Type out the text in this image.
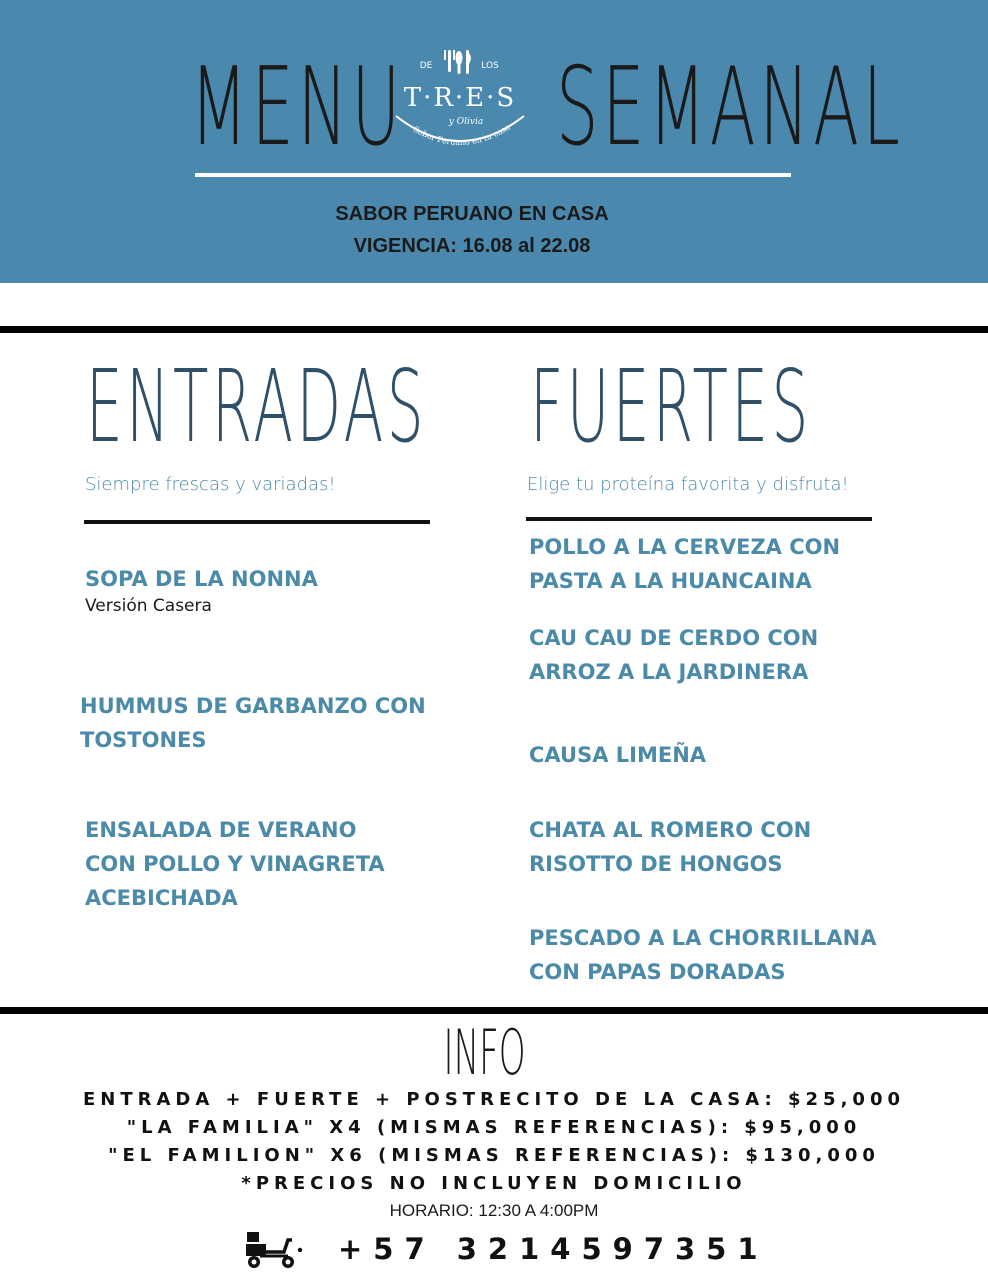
MENU DE	LOS
T·R·E·S
y Olivia
Sabor Peruano en tu casa SEMANAL
SABOR PERUANO EN CASA
VIGENCIA: 16.08 al 22.08
ENTRADAS
Siempre frescas y variadas!
SOPA DE LA NONNA
Versión Casera
HUMMUS DE GARBANZO CON
TOSTONES
ENSALADA DE VERANO
CON POLLO Y VINAGRETA
ACEBICHADA
FUERTES
Elige tu proteína favorita y disfruta!
POLLO A LA CERVEZA CON
PASTA A LA HUANCAINA
CAU CAU DE CERDO CON
ARROZ A LA JARDINERA
CAUSA LIMEÑA
CHATA AL ROMERO CON
RISOTTO DE HONGOS
PESCADO A LA CHORRILLANA
CON PAPAS DORADAS
INFO
ENTRADA + FUERTE + POSTRECITO DE LA CASA: $25,000
"LA FAMILIA" X4 (MISMAS REFERENCIAS): $95,000
"EL FAMILION" X6 (MISMAS REFERENCIAS): $130,000
*PRECIOS NO INCLUYEN DOMICILIO
HORARIO: 12:30 A 4:00PM
+57 3214597351
